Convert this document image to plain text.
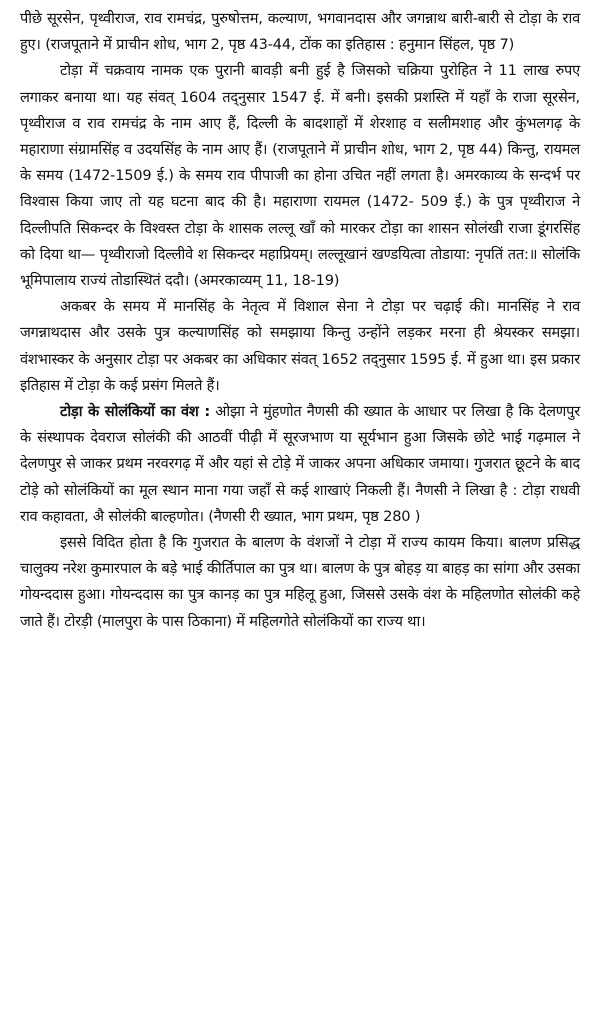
पीछे सूरसेन, पृथ्वीराज, राव रामचंद्र, पुरुषोत्तम, कल्याण, भगवानदास और जगन्नाथ बारी-बारी से टोड़ा के राव हुए। (राजपूताने में प्राचीन शोध, भाग 2, पृष्ठ 43-44, टोंक का इतिहास : हनुमान सिंहल, पृष्ठ 7)

टोड़ा में चक्रवाय नामक एक पुरानी बावड़ी बनी हुई है जिसको चक्रिया पुरोहित ने 11 लाख रुपए लगाकर बनाया था। यह संवत् 1604 तद्नुसार 1547 ई. में बनी। इसकी प्रशस्ति में यहाँ के राजा सूरसेन, पृथ्वीराज व राव रामचंद्र के नाम आए हैं, दिल्ली के बादशाहों में शेरशाह व सलीमशाह और कुंभलगढ़ के महाराणा संग्रामसिंह व उदयसिंह के नाम आए हैं। (राजपूताने में प्राचीन शोध, भाग 2, पृष्ठ 44) किन्तु, रायमल के समय (1472-1509 ई.) के समय राव पीपाजी का होना उचित नहीं लगता है। अमरकाव्य के सन्दर्भ पर विश्वास किया जाए तो यह घटना बाद की है। महाराणा रायमल (1472- 509 ई.) के पुत्र पृथ्वीराज ने दिल्लीपति सिकन्दर के विश्वस्त टोड़ा के शासक लल्लू खाँ को मारकर टोड़ा का शासन सोलंखी राजा डूंगरसिंह को दिया था— पृथ्वीराजो दिल्लीवे श सिकन्दर महाप्रियम्। लल्लूखानं खण्डयित्वा तोडाया: नृपतिं तत:॥ सोलंकि भूमिपालाय राज्यं तोडास्थितं ददौ। (अमरकाव्यम् 11, 18-19)

अकबर के समय में मानसिंह के नेतृत्व में विशाल सेना ने टोड़ा पर चढ़ाई की। मानसिंह ने राव जगन्नाथदास और उसके पुत्र कल्याणसिंह को समझाया किन्तु उन्होंने लड़कर मरना ही श्रेयस्कर समझा। वंशभास्कर के अनुसार टोड़ा पर अकबर का अधिकार संवत् 1652 तद्नुसार 1595 ई. में हुआ था। इस प्रकार इतिहास में टोड़ा के कई प्रसंग मिलते हैं।

टोड़ा के सोलंकियों का वंश : ओझा ने मुंहणोत नैणसी की ख्यात के आधार पर लिखा है कि देलणपुर के संस्थापक देवराज सोलंकी की आठवीं पीढ़ी में सूरजभाण या सूर्यभान हुआ जिसके छोटे भाई गढ़माल ने देलणपुर से जाकर प्रथम नरवरगढ़ में और यहां से टोड़े में जाकर अपना अधिकार जमाया। गुजरात छूटने के बाद टोड़े को सोलंकियों का मूल स्थान माना गया जहाँ से कई शाखाएं निकली हैं। नैणसी ने लिखा है : टोड़ा राधवी राव कहावता, अै सोलंकी बाल्हणोत। (नैणसी री ख्यात, भाग प्रथम, पृष्ठ 280 )

इससे विदित होता है कि गुजरात के बालण के वंशजों ने टोड़ा में राज्य कायम किया। बालण प्रसिद्ध चालुक्य नरेश कुमारपाल के बड़े भाई कीर्तिपाल का पुत्र था। बालण के पुत्र बोहड़ या बाहड़ का सांगा और उसका गोयन्ददास हुआ। गोयन्ददास का पुत्र कानड़ का पुत्र महिलू हुआ, जिससे उसके वंश के महिलणोत सोलंकी कहे जाते हैं। टोरड़ी (मालपुरा के पास ठिकाना) में महिलगोते सोलंकियों का राज्य था।
